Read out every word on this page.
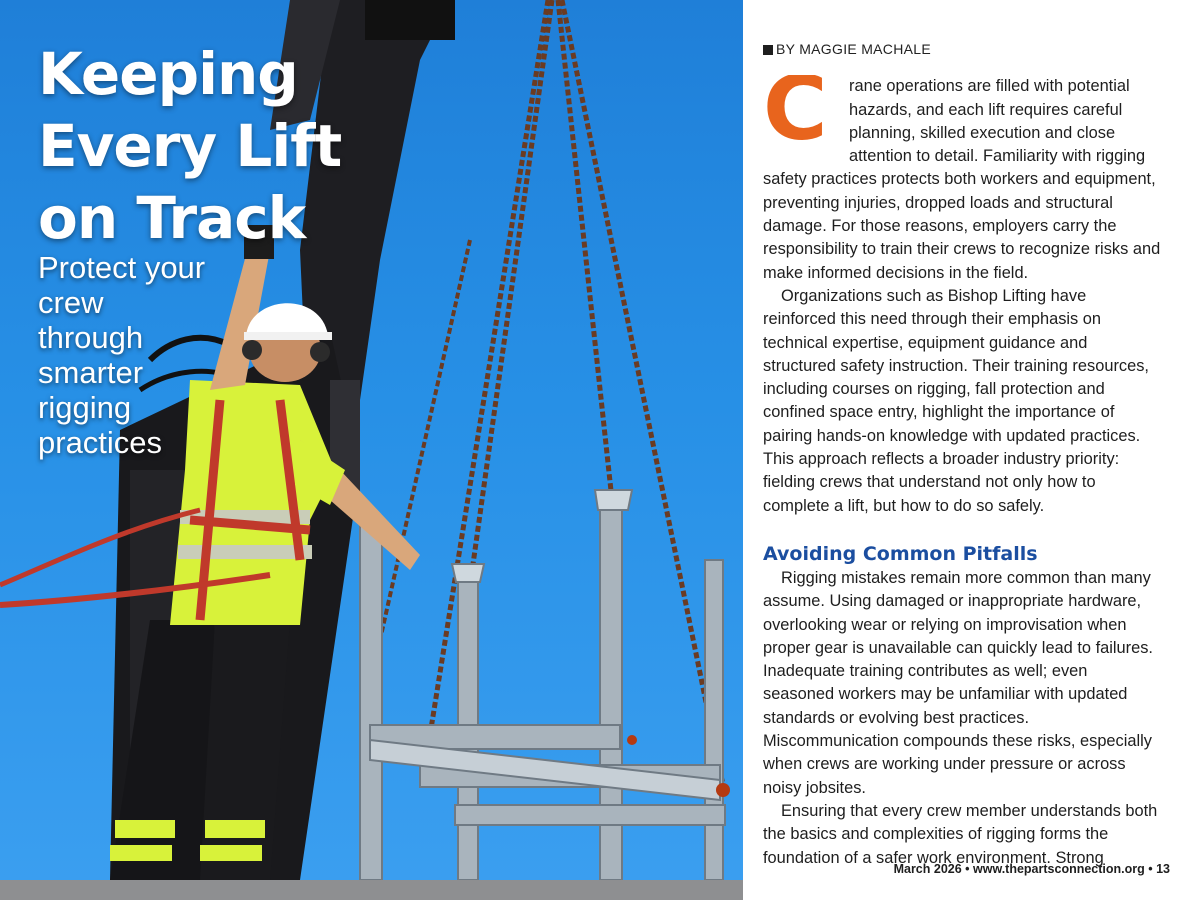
Keeping Every Lift on Track

Protect your crew through smarter rigging practices

BY MAGGIE MACHALE

C rane operations are filled with potential hazards, and each lift requires careful planning, skilled execution and close attention to detail. Familiarity with rigging safety practices protects both workers and equipment, preventing injuries, dropped loads and structural damage. For those reasons, employers carry the responsibility to train their crews to recognize risks and make informed decisions in the field.

Organizations such as Bishop Lifting have reinforced this need through their emphasis on technical expertise, equipment guidance and structured safety instruction. Their training resources, including courses on rigging, fall protection and confined space entry, highlight the importance of pairing hands-on knowledge with updated practices. This approach reflects a broader industry priority: fielding crews that understand not only how to complete a lift, but how to do so safely.

Avoiding Common Pitfalls

Rigging mistakes remain more common than many assume. Using damaged or inappropriate hardware, overlooking wear or relying on improvisation when proper gear is unavailable can quickly lead to failures. Inadequate training contributes as well; even seasoned workers may be unfamiliar with updated standards or evolving best practices. Miscommunication compounds these risks, especially when crews are working under pressure or across noisy jobsites.

Ensuring that every crew member understands both the basics and complexities of rigging forms the foundation of a safer work environment. Strong

March 2026 • www.thepartsconnection.org • 13
